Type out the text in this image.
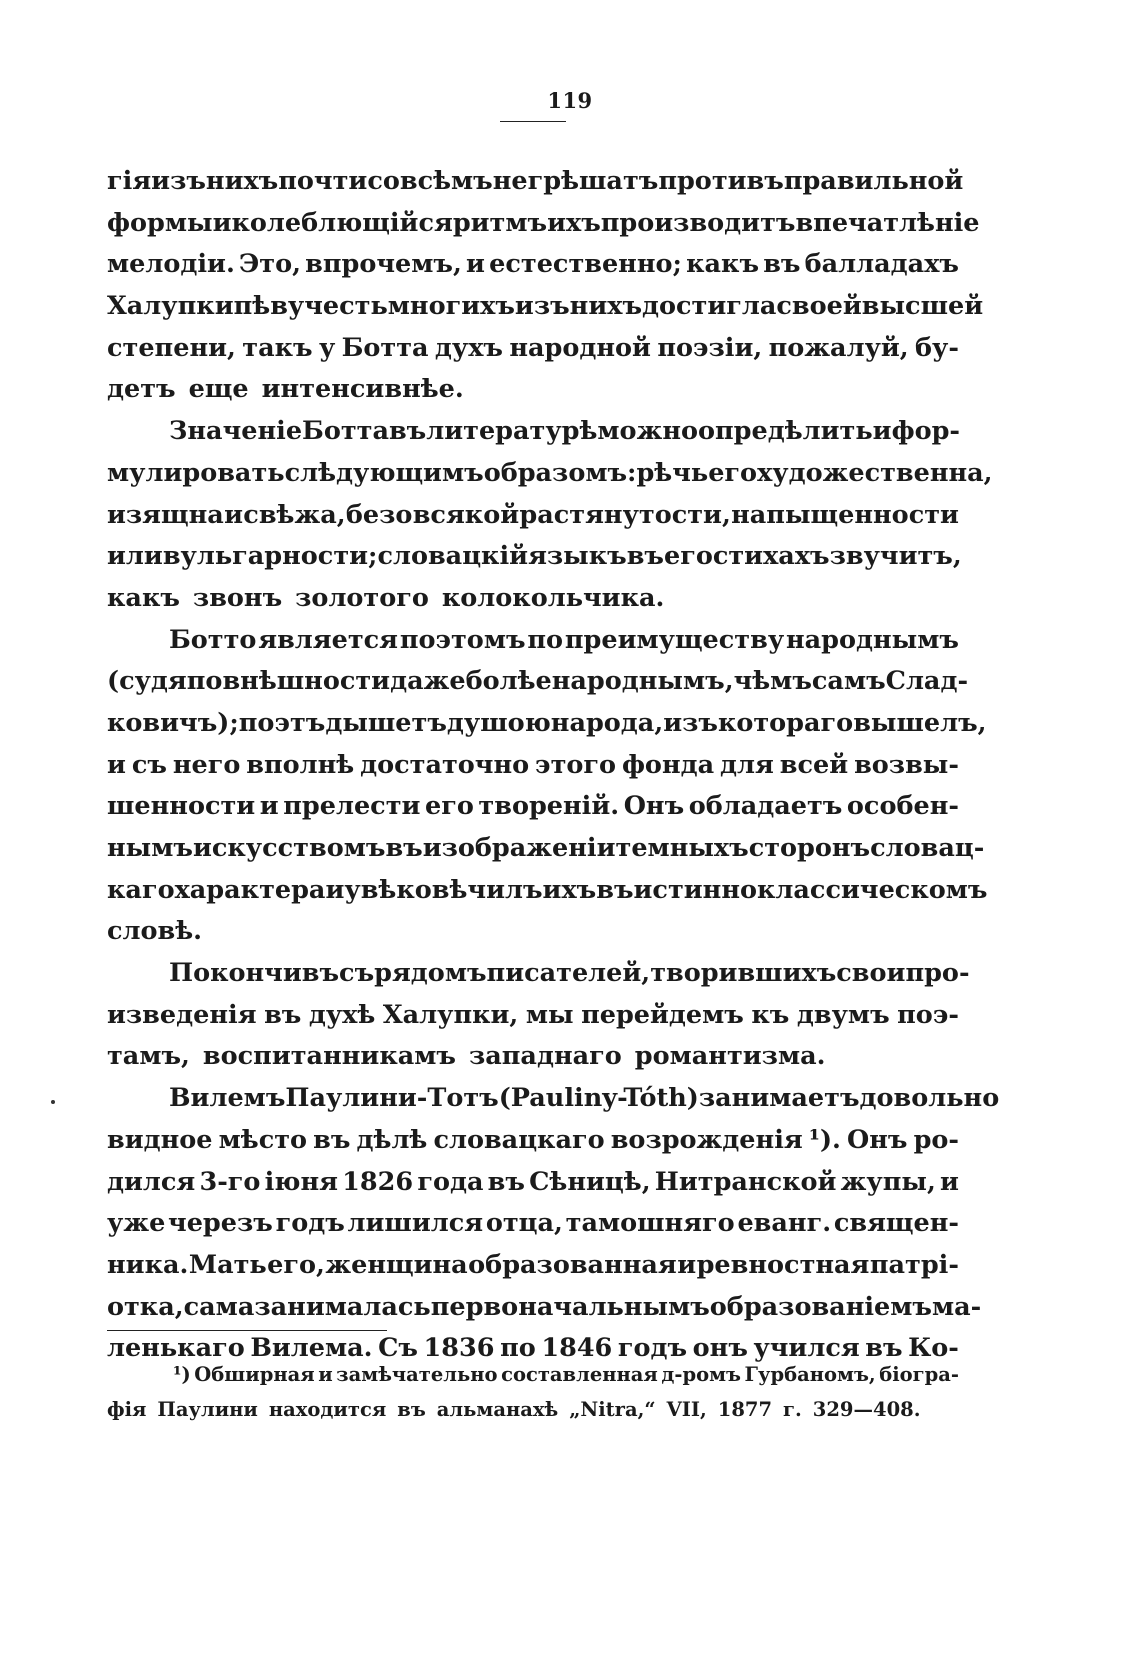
119
гія изъ нихъ почти совсѣмъ не грѣшатъ противъ правильной
формы и колеблющійся ритмъ ихъ производитъ впечатлѣніе
мелодіи. Это, впрочемъ, и естественно; какъ въ балладахъ
Халупки пѣвучесть многихъ изъ нихъ достигла своей высшей
степени, такъ у Ботта духъ народной поэзіи, пожалуй, бу-
детъ еще интенсивнѣе.
Значеніе Ботта въ литературѣ можно опредѣлить и фор-
мулировать слѣдующимъ образомъ: рѣчь его художественна,
изящна и свѣжа, безо всякой растянутости, напыщенности
или вульгарности; словацкій языкъ въ его стихахъ звучитъ,
какъ звонъ золотого колокольчика.
Ботто является поэтомъ по преимуществу народнымъ
(судя по внѣшности даже болѣе народнымъ, чѣмъ самъ Слад-
ковичъ); поэтъ дышетъ душою народа, изъ котораго вышелъ,
и съ него вполнѣ достаточно этого фонда для всей возвы-
шенности и прелести его твореній. Онъ обладаетъ особен-
нымъ искусствомъ въ изображеніи темныхъ сторонъ словац-
каго характера и увѣковѣчилъ ихъ въ истинно классическомъ
словѣ.
Покончивъ съ рядомъ писателей, творившихъ свои про-
изведенія въ духѣ Халупки, мы перейдемъ къ двумъ поэ-
тамъ, воспитанникамъ западнаго романтизма.
Вилемъ Паулини-Тотъ (Pauliny-Tóth) занимаетъ довольно
видное мѣсто въ дѣлѣ словацкаго возрожденія ¹). Онъ ро-
дился 3-го іюня 1826 года въ Сѣницѣ, Нитранской жупы, и
уже черезъ годъ лишился отца, тамошняго еванг. священ-
ника. Мать его, женщина образованная и ревностная патрі-
отка, сама занималась первоначальнымъ образованіемъ ма-
ленькаго Вилема. Съ 1836 по 1846 годъ онъ учился въ Ко-
¹) Обширная и замѣчательно составленная д-ромъ Гурбаномъ, біогра-
фія Паулини находится въ альманахѣ „Nitra,“ VII, 1877 г. 329—408.
